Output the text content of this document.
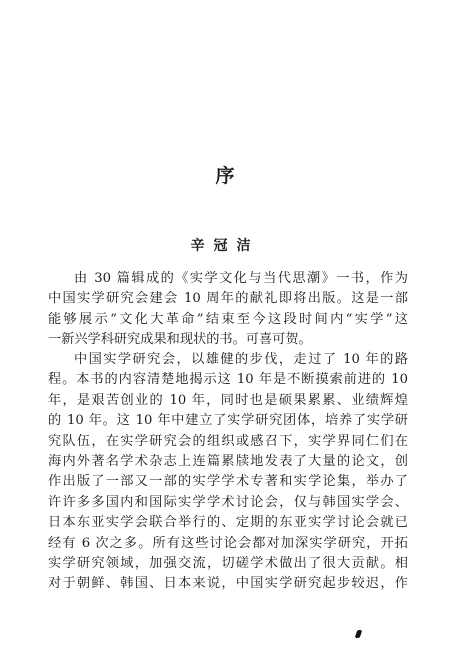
序
辛冠洁
由 30 篇辑成的《实学文化与当代思潮》一书，作为
中国实学研究会建会 10 周年的献礼即将出版。这是一部
能够展示“文化大革命”结束至今这段时间内“实学”这
一新兴学科研究成果和现状的书。可喜可贺。
中国实学研究会，以雄健的步伐，走过了 10 年的路
程。本书的内容清楚地揭示这 10 年是不断摸索前进的 10
年，是艰苦创业的 10 年，同时也是硕果累累、业绩辉煌
的 10 年。这 10 年中建立了实学研究团体，培养了实学研
究队伍，在实学研究会的组织或感召下，实学界同仁们在
海内外著名学术杂志上连篇累牍地发表了大量的论文，创
作出版了一部又一部的实学学术专著和实学论集，举办了
许许多多国内和国际实学学术讨论会，仅与韩国实学会、
日本东亚实学会联合举行的、定期的东亚实学讨论会就已
经有 6 次之多。所有这些讨论会都对加深实学研究，开拓
实学研究领域，加强交流，切磋学术做出了很大贡献。相
对于朝鲜、韩国、日本来说，中国实学研究起步较迟，作
